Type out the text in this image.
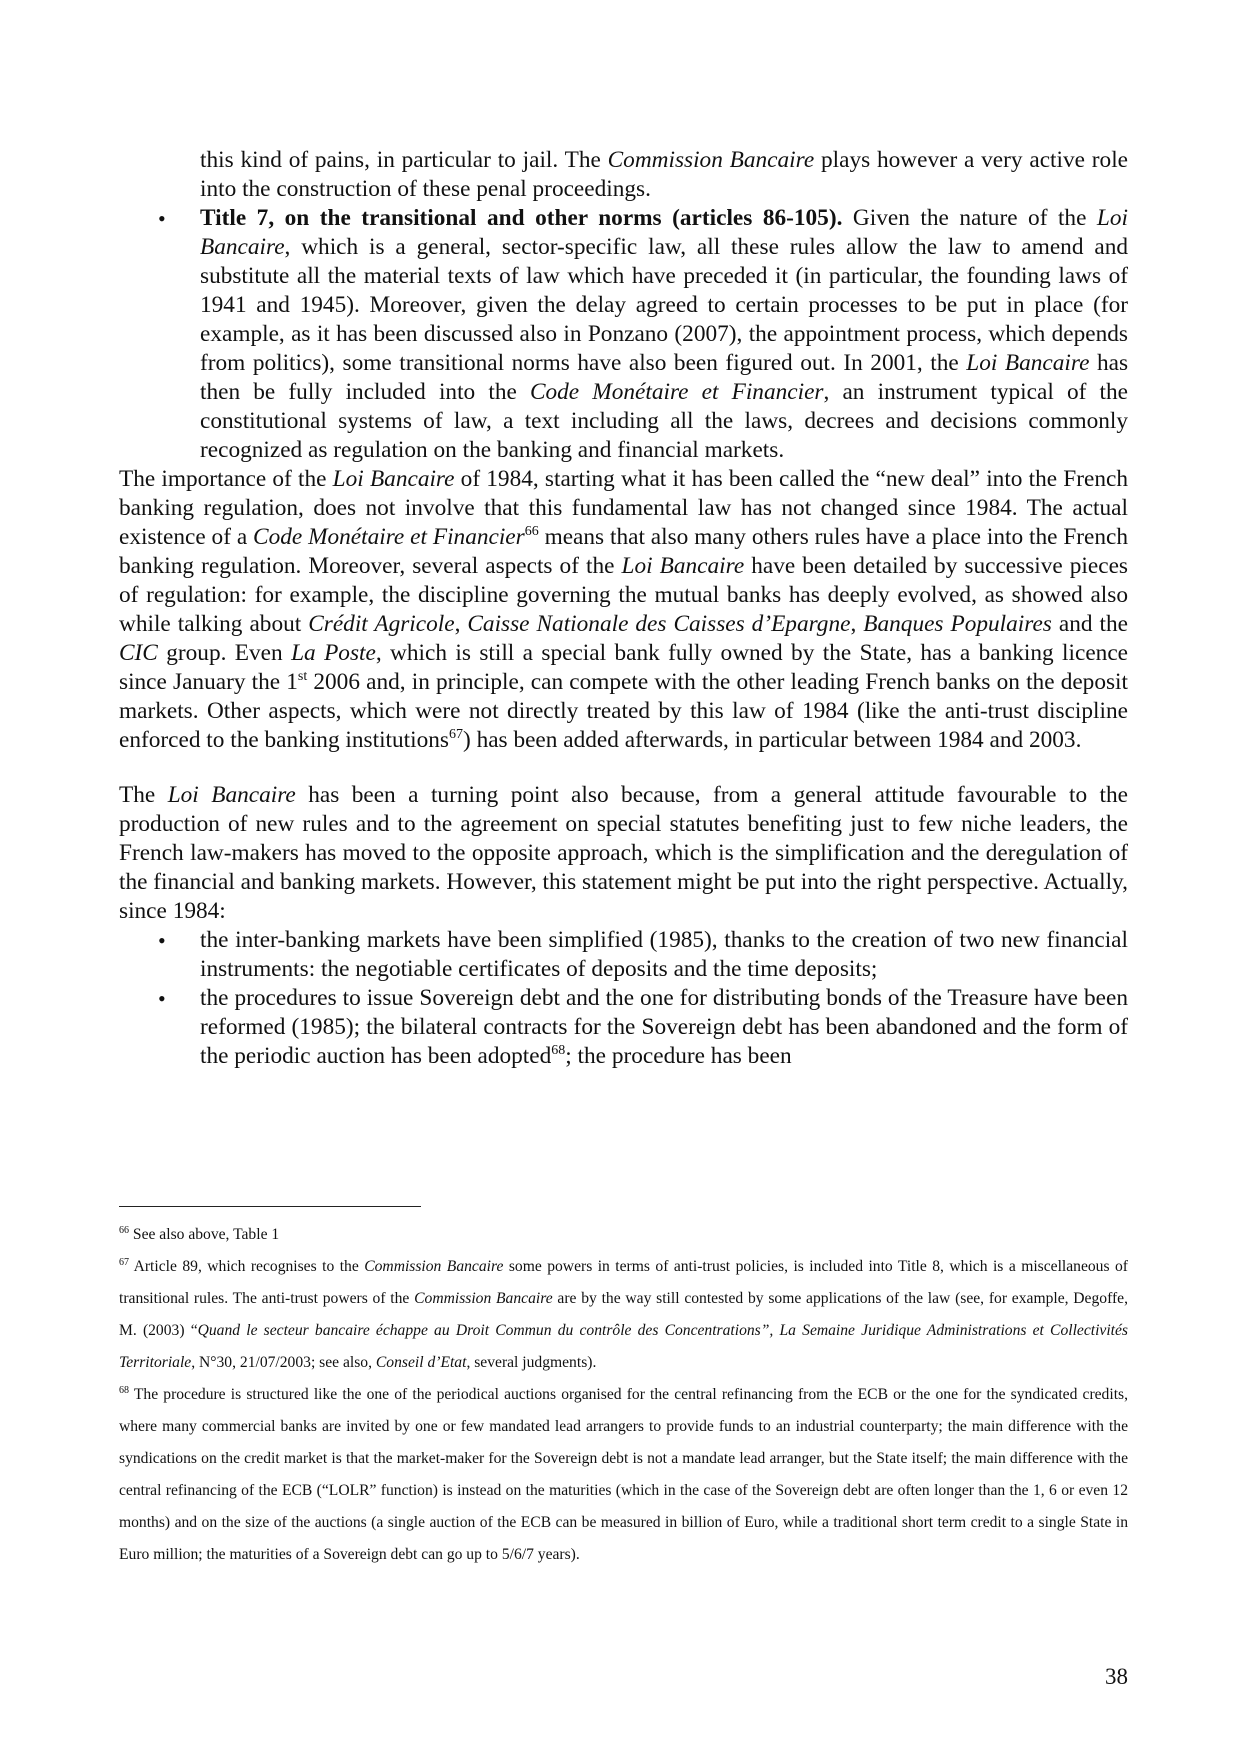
this kind of pains, in particular to jail. The Commission Bancaire plays however a very active role into the construction of these penal proceedings.
• Title 7, on the transitional and other norms (articles 86-105). Given the nature of the Loi Bancaire, which is a general, sector-specific law, all these rules allow the law to amend and substitute all the material texts of law which have preceded it (in particular, the founding laws of 1941 and 1945). Moreover, given the delay agreed to certain processes to be put in place (for example, as it has been discussed also in Ponzano (2007), the appointment process, which depends from politics), some transitional norms have also been figured out. In 2001, the Loi Bancaire has then be fully included into the Code Monétaire et Financier, an instrument typical of the constitutional systems of law, a text including all the laws, decrees and decisions commonly recognized as regulation on the banking and financial markets.

The importance of the Loi Bancaire of 1984, starting what it has been called the “new deal” into the French banking regulation, does not involve that this fundamental law has not changed since 1984. The actual existence of a Code Monétaire et Financier$^{66}$ means that also many others rules have a place into the French banking regulation. Moreover, several aspects of the Loi Bancaire have been detailed by successive pieces of regulation: for example, the discipline governing the mutual banks has deeply evolved, as showed also while talking about Crédit Agricole, Caisse Nationale des Caisses d’Epargne, Banques Populaires and the CIC group. Even La Poste, which is still a special bank fully owned by the State, has a banking licence since January the 1st 2006 and, in principle, can compete with the other leading French banks on the deposit markets. Other aspects, which were not directly treated by this law of 1984 (like the anti-trust discipline enforced to the banking institutions$^{67}$) has been added afterwards, in particular between 1984 and 2003.

The Loi Bancaire has been a turning point also because, from a general attitude favourable to the production of new rules and to the agreement on special statutes benefiting just to few niche leaders, the French law-makers has moved to the opposite approach, which is the simplification and the deregulation of the financial and banking markets. However, this statement might be put into the right perspective. Actually, since 1984:

• the inter-banking markets have been simplified (1985), thanks to the creation of two new financial instruments: the negotiable certificates of deposits and the time deposits;
• the procedures to issue Sovereign debt and the one for distributing bonds of the Treasure have been reformed (1985); the bilateral contracts for the Sovereign debt has been abandoned and the form of the periodic auction has been adopted$^{68}$; the procedure has been

$^{66}$ See also above, Table 1

$^{67}$ Article 89, which recognises to the Commission Bancaire some powers in terms of anti-trust policies, is included into Title 8, which is a miscellaneous of transitional rules. The anti-trust powers of the Commission Bancaire are by the way still contested by some applications of the law (see, for example, Degoffe, M. (2003) “Quand le secteur bancaire échappe au Droit Commun du contrôle des Concentrations”, La Semaine Juridique Administrations et Collectivités Territoriale, N°30, 21/07/2003; see also, Conseil d’Etat, several judgments).

$^{68}$ The procedure is structured like the one of the periodical auctions organised for the central refinancing from the ECB or the one for the syndicated credits, where many commercial banks are invited by one or few mandated lead arrangers to provide funds to an industrial counterparty; the main difference with the syndications on the credit market is that the market-maker for the Sovereign debt is not a mandate lead arranger, but the State itself; the main difference with the central refinancing of the ECB (“LOLR” function) is instead on the maturities (which in the case of the Sovereign debt are often longer than the 1, 6 or even 12 months) and on the size of the auctions (a single auction of the ECB can be measured in billion of Euro, while a traditional short term credit to a single State in Euro million; the maturities of a Sovereign debt can go up to 5/6/7 years).

38
